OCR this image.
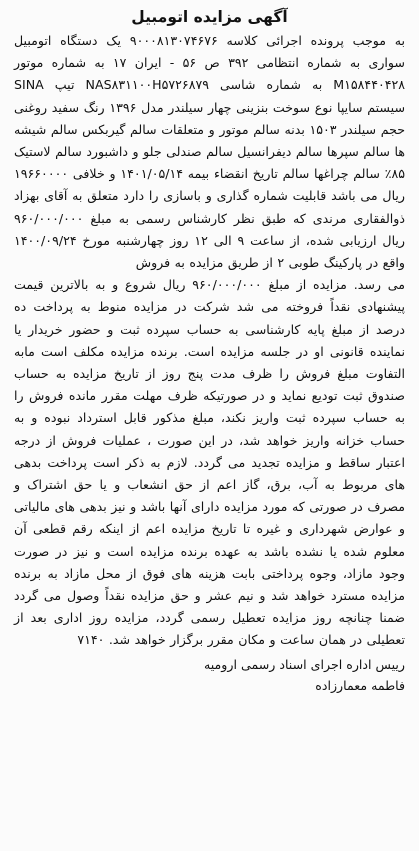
آگهی مزایده اتومبیل

به موجب پرونده اجرائی کلاسه ۹۰۰۰۸۱۳۰۷۴۶۷۶ یک دستگاه اتومبیل سواری به شماره انتظامی ۳۹۲ ص ۵۶ - ایران ۱۷ به شماره موتور M۱۵۸۴۴۰۴۲۸ به شماره شاسی NAS۸۳۱۱۰۰H۵۷۲۶۸۷۹ تیپ SINA سیستم سایپا نوع سوخت بنزینی چهار سیلندر مدل ۱۳۹۶ رنگ سفید روغنی حجم سیلندر ۱۵۰۳ بدنه سالم موتور و متعلقات سالم گیربکس سالم شیشه ها سالم سپرها سالم دیفرانسیل سالم صندلی جلو و داشبورد سالم لاستیک ۸۵٪ سالم چراغها سالم تاریخ انقضاء بیمه ۱۴۰۱/۰۵/۱۴ و خلافی ۱۹۶۶۰۰۰۰ ریال می باشد قابلیت شماره گذاری و باسازی را دارد متعلق به آقای بهزاد ذوالفقاری مرندی که طبق نظر کارشناس رسمی به مبلغ ۹۶۰/۰۰۰/۰۰۰ ریال ارزیابی شده، از ساعت ۹ الی ۱۲ روز چهارشنبه مورخ ۱۴۰۰/۰۹/۲۴ واقع در پارکینگ طوبی ۲ از طریق مزایده به فروش
می رسد. مزایده از مبلغ ۹۶۰/۰۰۰/۰۰۰ ریال شروع و به بالاترین قیمت پیشنهادی نقداً فروخته می شد شرکت در مزایده منوط به پرداخت ده درصد از مبلغ پایه کارشناسی به حساب سپرده ثبت و حضور خریدار یا نماینده قانونی او در جلسه مزایده است. برنده مزایده مکلف است مابه التفاوت مبلغ فروش را ظرف مدت پنج روز از تاریخ مزایده به حساب صندوق ثبت تودیع نماید و در صورتیکه ظرف مهلت مقرر مانده فروش را به حساب سپرده ثبت واریز نکند، مبلغ مذکور قابل استرداد نبوده و به حساب خزانه واریز خواهد شد، در این صورت ، عملیات فروش از درجه اعتبار ساقط و مزایده تجدید می گردد. لازم به ذکر است پرداخت بدهی های مربوط به آب، برق، گاز اعم از حق انشعاب و یا حق اشتراک و مصرف در صورتی که مورد مزایده دارای آنها باشد و نیز بدهی های مالیاتی و عوارض شهرداری و غیره تا تاریخ مزایده اعم از اینکه رقم قطعی آن معلوم شده یا نشده باشد به عهده برنده مزایده است و نیز در صورت وجود مازاد، وجوه پرداختی بابت هزینه های فوق از محل مازاد به برنده مزایده مسترد خواهد شد و نیم عشر و حق مزایده نقداً وصول می گردد ضمنا چنانچه روز مزایده تعطیل رسمی گردد، مزایده روز اداری بعد از تعطیلی در همان ساعت و مکان مقرر برگزار خواهد شد. ۷۱۴۰

رییس اداره اجرای اسناد رسمی ارومیه
فاطمه معمارزاده
